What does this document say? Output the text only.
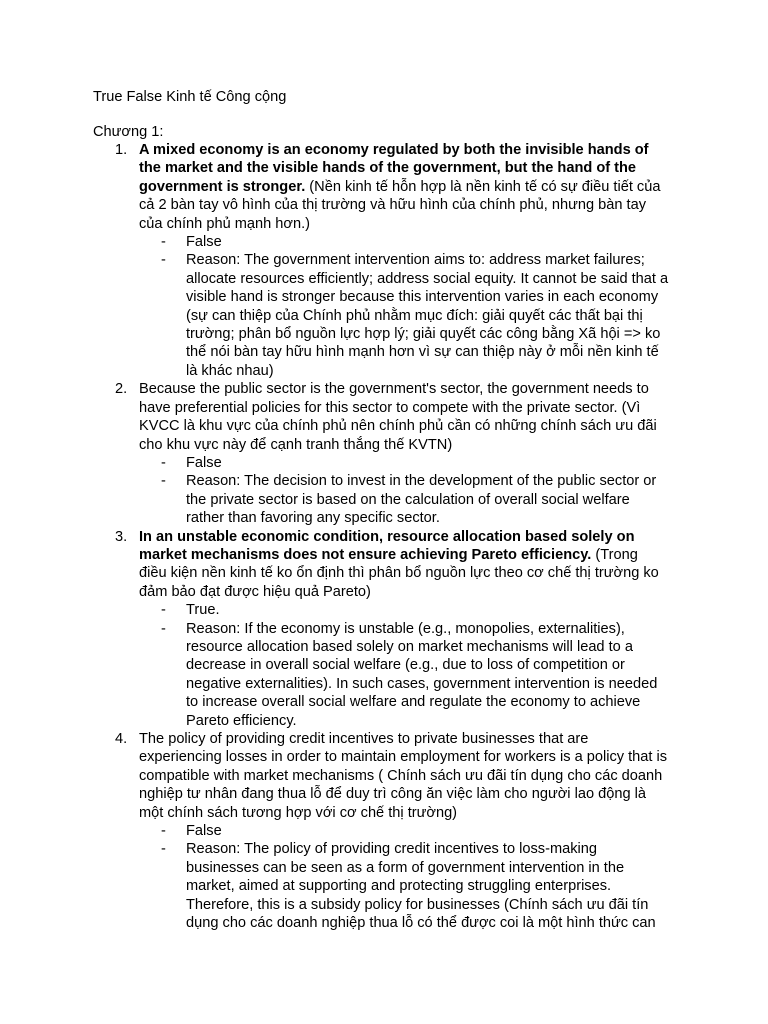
True False Kinh tế Công cộng
Chương 1:
1. A mixed economy is an economy regulated by both the invisible hands of the market and the visible hands of the government, but the hand of the government is stronger. (Nền kinh tế hỗn hợp là nền kinh tế có sự điều tiết của cả 2 bàn tay vô hình của thị trường và hữu hình của chính phủ, nhưng bàn tay của chính phủ mạnh hơn.)
- False
- Reason: The government intervention aims to: address market failures; allocate resources efficiently; address social equity. It cannot be said that a visible hand is stronger because this intervention varies in each economy (sự can thiệp của Chính phủ nhằm mục đích: giải quyết các thất bại thị trường; phân bổ nguồn lực hợp lý; giải quyết các công bằng Xã hội => ko thể nói bàn tay hữu hình mạnh hơn vì sự can thiệp này ở mỗi nền kinh tế là khác nhau)
2. Because the public sector is the government's sector, the government needs to have preferential policies for this sector to compete with the private sector. (Vì KVCC là khu vực của chính phủ nên chính phủ cần có những chính sách ưu đãi cho khu vực này để cạnh tranh thắng thế KVTN)
- False
- Reason: The decision to invest in the development of the public sector or the private sector is based on the calculation of overall social welfare rather than favoring any specific sector.
3. In an unstable economic condition, resource allocation based solely on market mechanisms does not ensure achieving Pareto efficiency. (Trong điều kiện nền kinh tế ko ổn định thì phân bổ nguồn lực theo cơ chế thị trường ko đảm bảo đạt được hiệu quả Pareto)
- True.
- Reason: If the economy is unstable (e.g., monopolies, externalities), resource allocation based solely on market mechanisms will lead to a decrease in overall social welfare (e.g., due to loss of competition or negative externalities). In such cases, government intervention is needed to increase overall social welfare and regulate the economy to achieve Pareto efficiency.
4. The policy of providing credit incentives to private businesses that are experiencing losses in order to maintain employment for workers is a policy that is compatible with market mechanisms ( Chính sách ưu đãi tín dụng cho các doanh nghiệp tư nhân đang thua lỗ để duy trì công ăn việc làm cho người lao động là một chính sách tương hợp với cơ chế thị trường)
- False
- Reason: The policy of providing credit incentives to loss-making businesses can be seen as a form of government intervention in the market, aimed at supporting and protecting struggling enterprises. Therefore, this is a subsidy policy for businesses (Chính sách ưu đãi tín dụng cho các doanh nghiệp thua lỗ có thể được coi là một hình thức can
